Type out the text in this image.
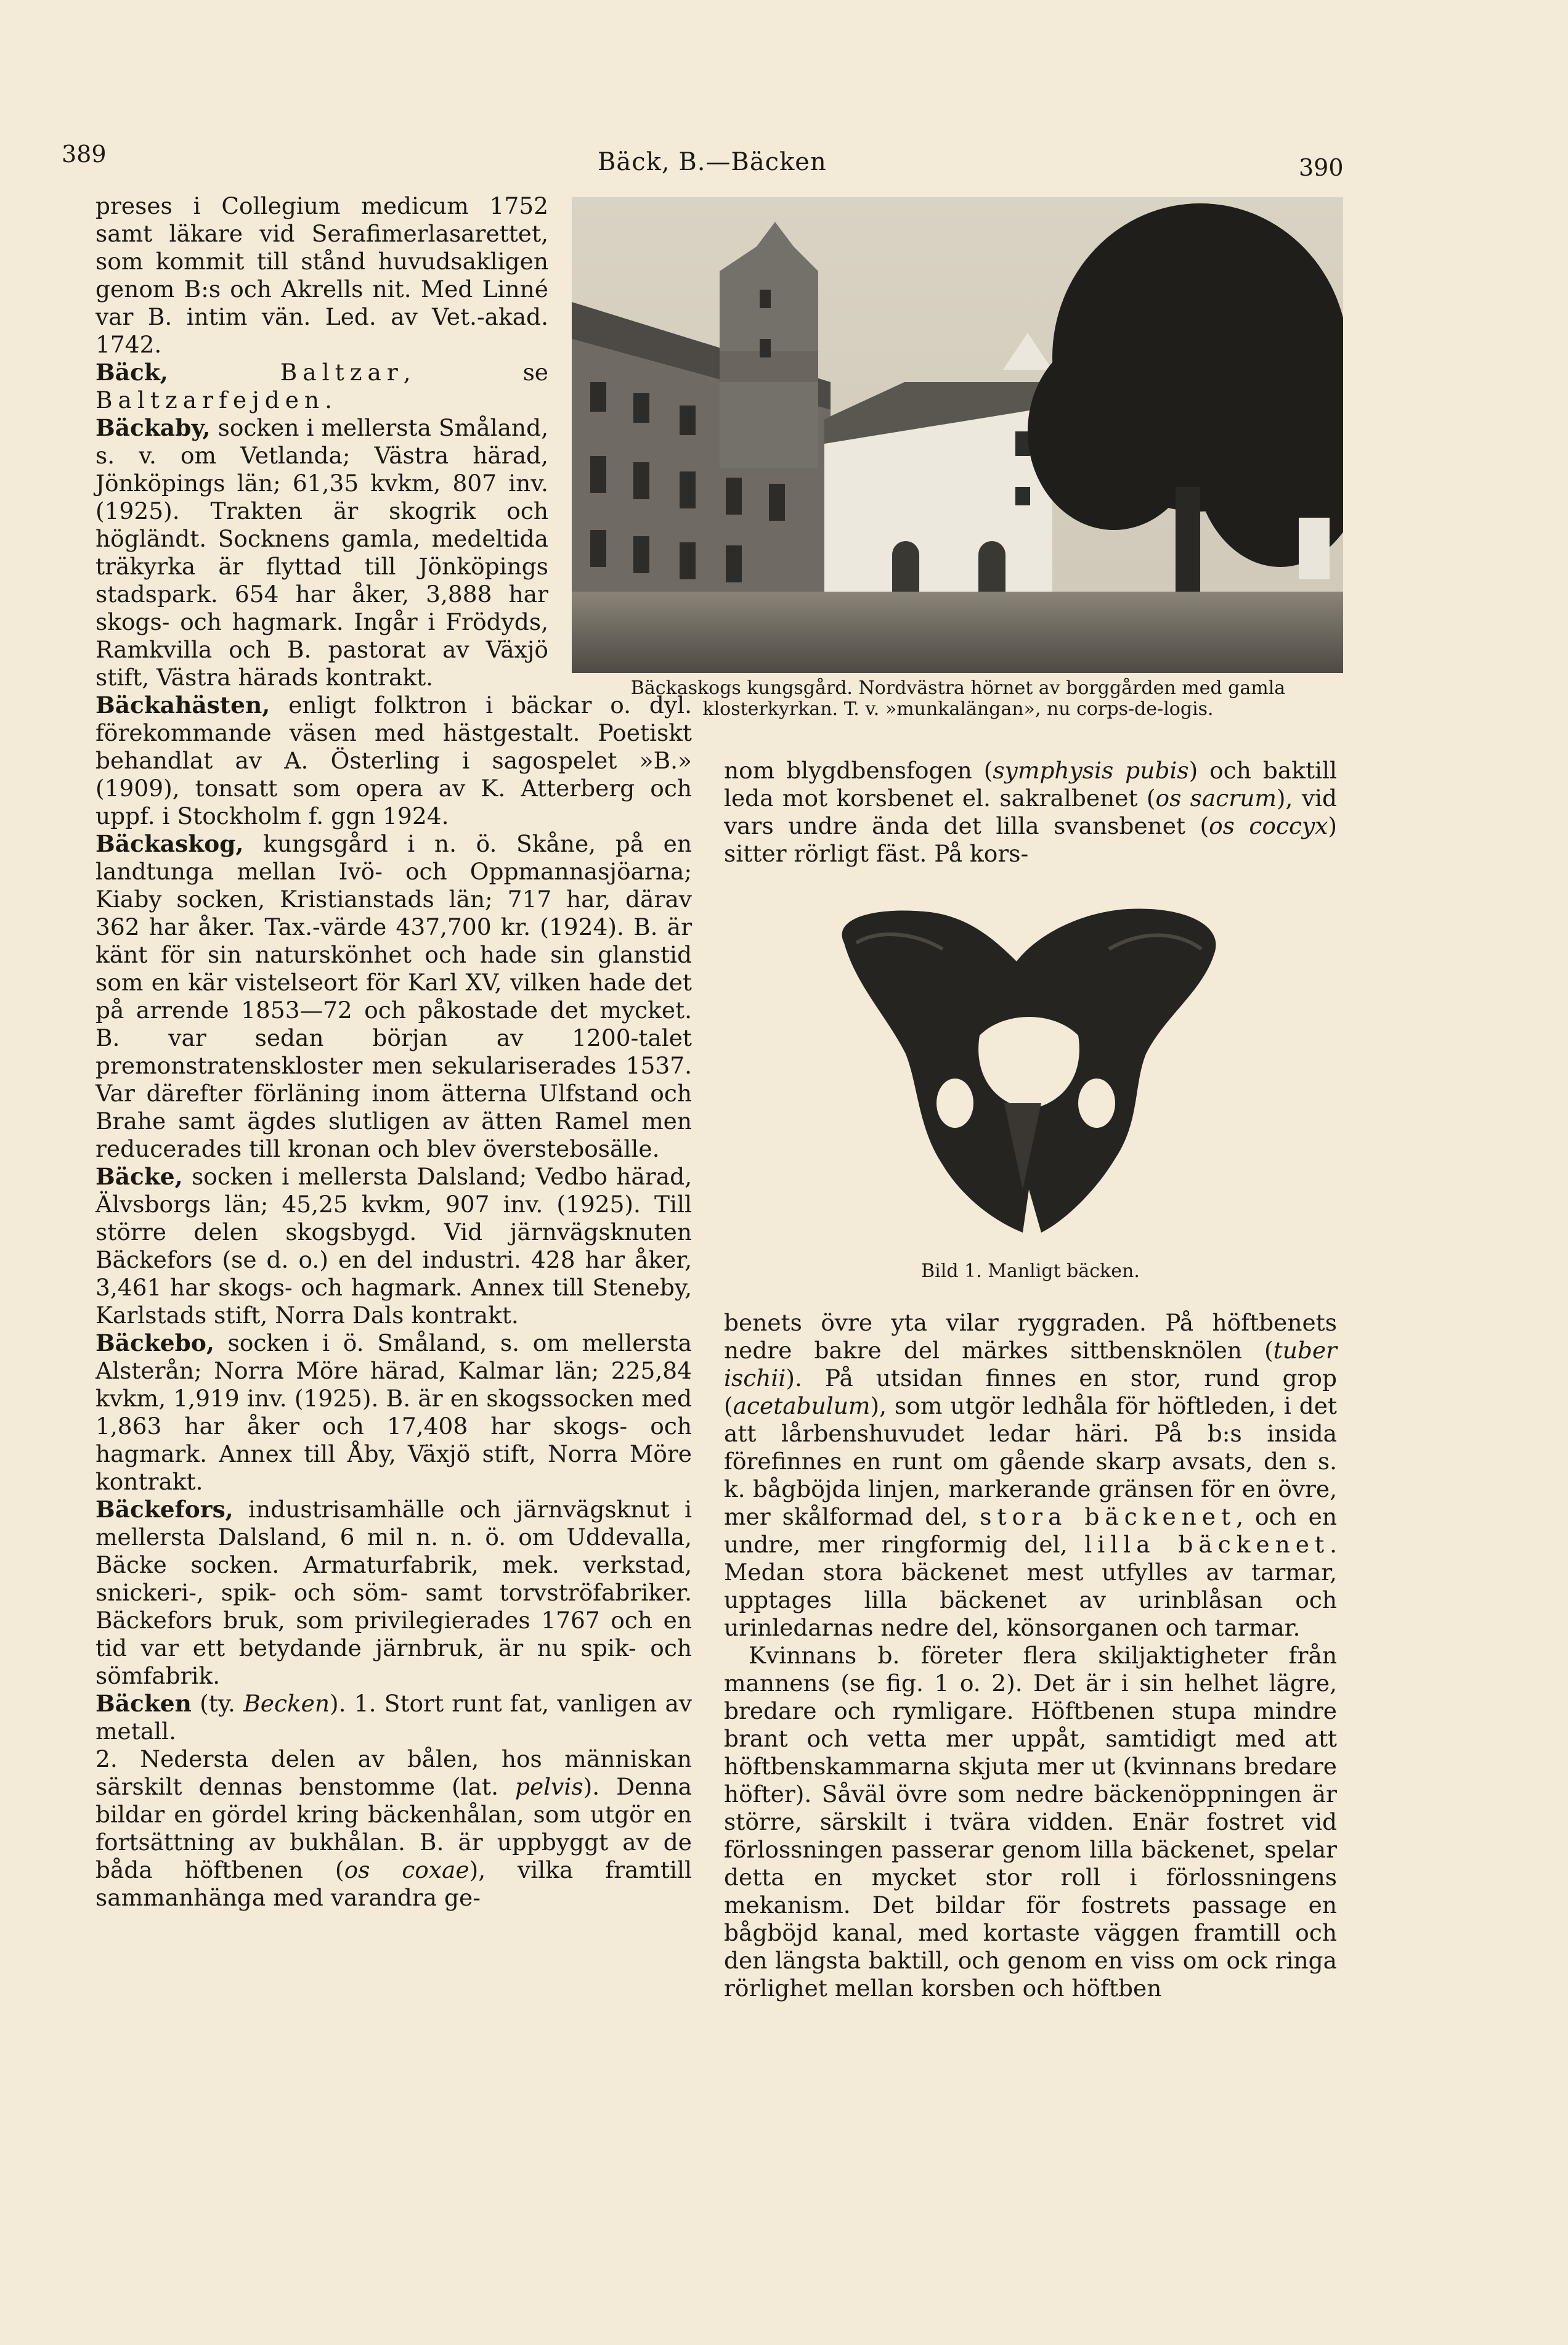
389	Bäck, B.—Bäcken	390

preses i Collegium medicum 1752 samt läkare vid Serafimerlasarettet, som kommit till stånd huvudsakligen genom B:s och Akrells nit. Med Linné var B. intim vän. Led. av Vet.-akad. 1742.

Bäck,	Baltzar, se Baltzarfejden.

Bäckaby, socken i mellersta Småland, s. v. om Vetlanda; Västra härad, Jönköpings län; 61,35 kvkm, 807 inv. (1925). Trakten är skogrik och högländt. Socknens gamla, medeltida träkyrka är flyttad till Jönköpings stadspark. 654 har åker, 3,888 har skogs- och hagmark. Ingår i Frödyds, Ramkvilla och B. pastorat av Växjö stift, Västra härads kontrakt.

Bäckahästen, enligt folktron i bäckar o. dyl. förekommande väsen med hästgestalt. Poetiskt behandlat av A. Österling i sagospelet »B.» (1909), tonsatt som opera av K. Atterberg och uppf. i Stockholm f. ggn 1924.

Bäckaskog, kungsgård i n. ö. Skåne, på en landtunga mellan Ivö- och Oppmannasjöarna; Kiaby socken, Kristianstads län; 717 har, därav 362 har åker. Tax.-värde 437,700 kr. (1924). B. är känt för sin naturskönhet och hade sin glanstid som en kär vistelseort för Karl XV, vilken hade det på arrende 1853—72 och påkostade det mycket. B. var sedan början av 1200-talet premonstratenskloster men sekulariserades 1537. Var därefter förläning inom ätterna Ulfstand och Brahe samt ägdes slutligen av ätten Ramel men reducerades till kronan och blev överstebosälle.

Bäcke, socken i mellersta Dalsland; Vedbo härad, Älvsborgs län; 45,25 kvkm, 907 inv. (1925). Till större delen skogsbygd. Vid järnvägsknuten Bäckefors (se d. o.) en del industri. 428 har åker, 3,461 har skogs- och hagmark. Annex till Steneby, Karlstads stift, Norra Dals kontrakt.

Bäckebo, socken i ö. Småland, s. om mellersta Alsterån; Norra Möre härad, Kalmar län; 225,84 kvkm, 1,919 inv. (1925). B. är en skogssocken med 1,863 har åker och 17,408 har skogs- och hagmark. Annex till Åby, Växjö stift, Norra Möre kontrakt.

Bäckefors, industrisamhälle och järnvägsknut i mellersta Dalsland, 6 mil n. n. ö. om Uddevalla, Bäcke socken. Armaturfabrik, mek. verkstad, snickeri-, spik- och söm- samt torvströfabriker. Bäckefors bruk, som privilegierades 1767 och en tid var ett betydande järnbruk, är nu spik- och sömfabrik.

Bäcken (ty. Becken). 1. Stort runt fat, vanligen av metall.

2. Nedersta delen av bålen, hos människan särskilt dennas benstomme (lat. pelvis). Denna bildar en gördel kring bäckenhålan, som utgör en fortsättning av bukhålan. B. är uppbyggt av de båda höftbenen (os coxae), vilka framtill sammanhänga med varandra ge-

Bäckaskogs kungsgård. Nordvästra hörnet av borggården med gamla
klosterkyrkan. T. v. »munkalängan», nu corps-de-logis.

nom blygdbensfogen (symphysis pubis) och baktill leda mot korsbenet el. sakralbenet (os sacrum), vid vars undre ända det lilla svansbenet (os coccyx) sitter rörligt fäst. På kors-

Bild 1. Manligt bäcken.

benets övre yta vilar ryggraden. På höftbenets nedre bakre del märkes sittbensknölen (tuber ischii). På utsidan finnes en stor, rund grop (acetabulum), som utgör ledhåla för höftleden, i det att lårbenshuvudet ledar häri. På b:s insida förefinnes en runt om gående skarp avsats, den s. k. bågböjda linjen, markerande gränsen för en övre, mer skålformad del, stora bäckenet, och en undre, mer ringformig del, lilla bäckenet. Medan stora bäckenet mest utfylles av tarmar, upptages lilla bäckenet av urinblåsan och urinledarnas nedre del, könsorganen och tarmar.

Kvinnans b. företer flera skiljaktigheter från mannens (se fig. 1 o. 2). Det är i sin helhet lägre, bredare och rymligare. Höftbenen stupa mindre brant och vetta mer uppåt, samtidigt med att höftbenskammarna skjuta mer ut (kvinnans bredare höfter). Såväl övre som nedre bäckenöppningen är större, särskilt i tvära vidden. Enär fostret vid förlossningen passerar genom lilla bäckenet, spelar detta en mycket stor roll i förlossningens mekanism. Det bildar för fostrets passage en bågböjd kanal, med kortaste väggen framtill och den längsta baktill, och genom en viss om ock ringa rörlighet mellan korsben och höftben
